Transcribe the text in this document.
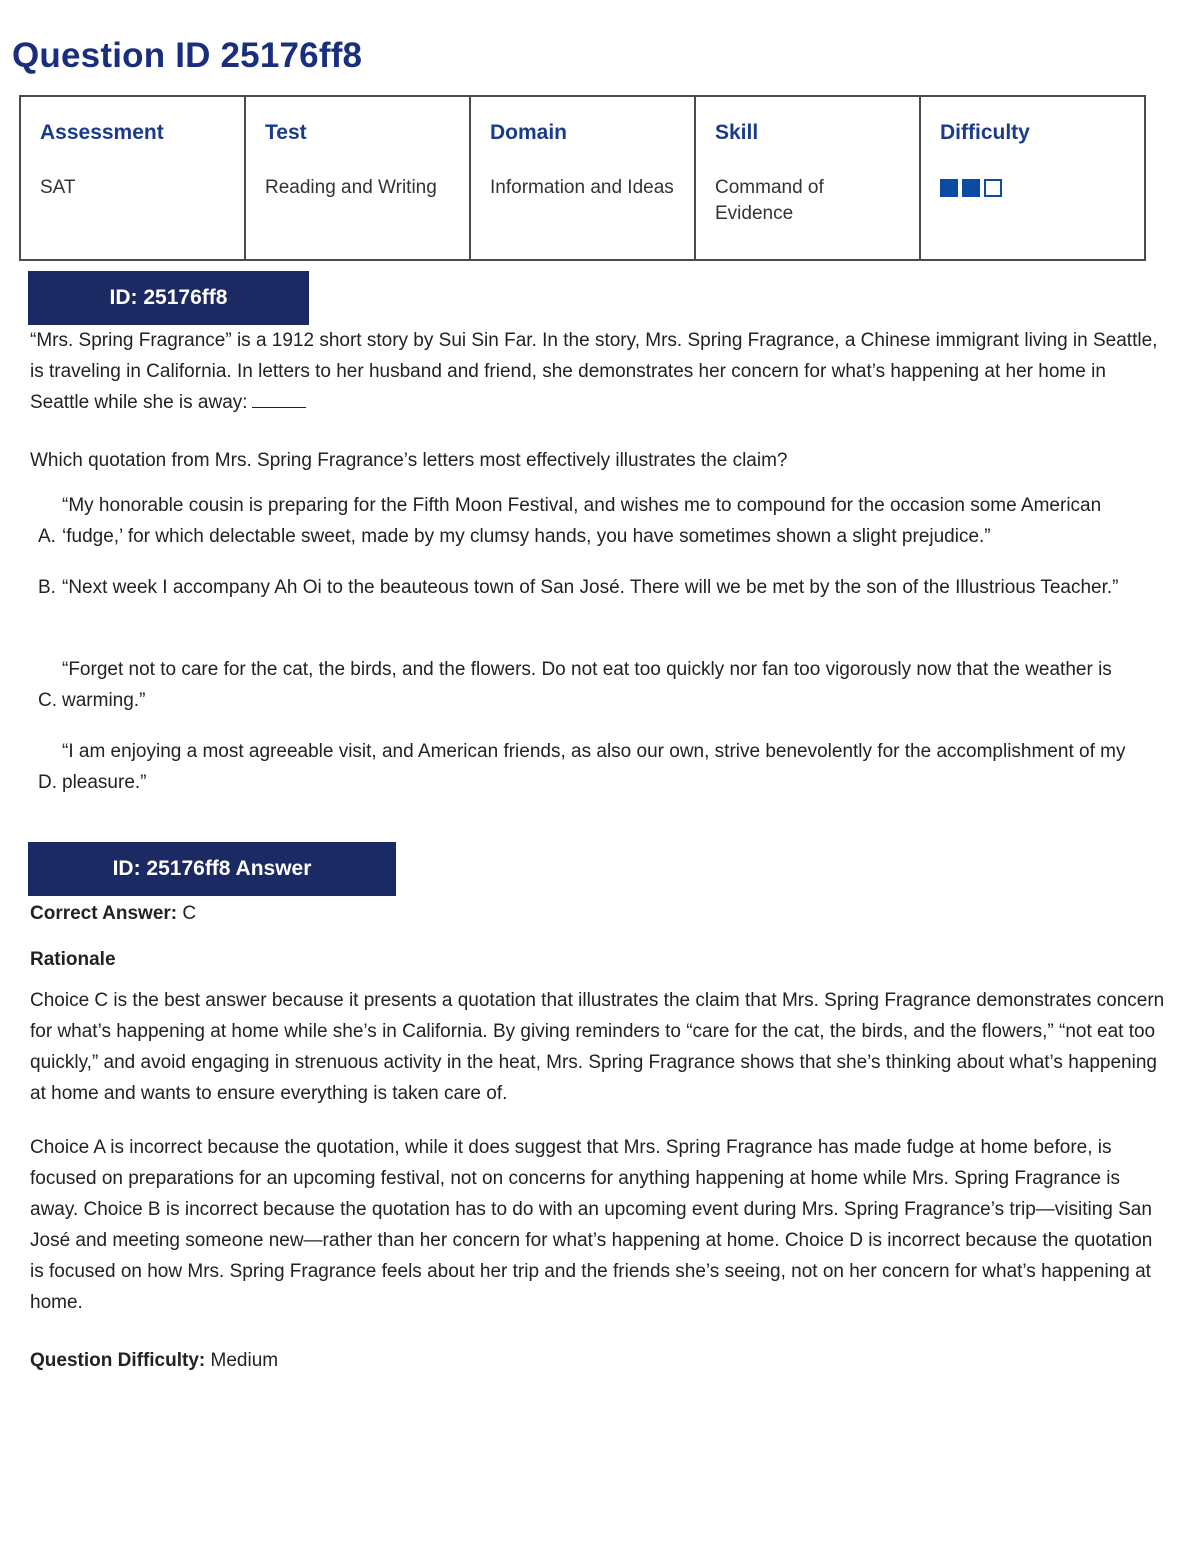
Question ID 25176ff8
Assessment
SAT

Test
Reading and Writing

Domain
Information and Ideas

Skill
Command of Evidence

Difficulty
ID: 25176ff8
“Mrs. Spring Fragrance” is a 1912 short story by Sui Sin Far. In the story, Mrs. Spring Fragrance, a Chinese immigrant living in Seattle, is traveling in California. In letters to her husband and friend, she demonstrates her concern for what’s happening at her home in Seattle while she is away:
Which quotation from Mrs. Spring Fragrance’s letters most effectively illustrates the claim?
A.
“My honorable cousin is preparing for the Fifth Moon Festival, and wishes me to compound for the occasion some American ‘fudge,’ for which delectable sweet, made by my clumsy hands, you have sometimes shown a slight prejudice.”
B. “Next week I accompany Ah Oi to the beauteous town of San José. There will we be met by the son of the Illustrious Teacher.”
C.
“Forget not to care for the cat, the birds, and the flowers. Do not eat too quickly nor fan too vigorously now that the weather is warming.”
D.
“I am enjoying a most agreeable visit, and American friends, as also our own, strive benevolently for the accomplishment of my pleasure.”
ID: 25176ff8 Answer
Correct Answer: C
Rationale
Choice C is the best answer because it presents a quotation that illustrates the claim that Mrs. Spring Fragrance demonstrates concern for what’s happening at home while she’s in California. By giving reminders to “care for the cat, the birds, and the flowers,” “not eat too quickly,” and avoid engaging in strenuous activity in the heat, Mrs. Spring Fragrance shows that she’s thinking about what’s happening at home and wants to ensure everything is taken care of.
Choice A is incorrect because the quotation, while it does suggest that Mrs. Spring Fragrance has made fudge at home before, is focused on preparations for an upcoming festival, not on concerns for anything happening at home while Mrs. Spring Fragrance is away. Choice B is incorrect because the quotation has to do with an upcoming event during Mrs. Spring Fragrance’s trip—visiting San José and meeting someone new—rather than her concern for what’s happening at home. Choice D is incorrect because the quotation is focused on how Mrs. Spring Fragrance feels about her trip and the friends she’s seeing, not on her concern for what’s happening at home.
Question Difficulty: Medium
